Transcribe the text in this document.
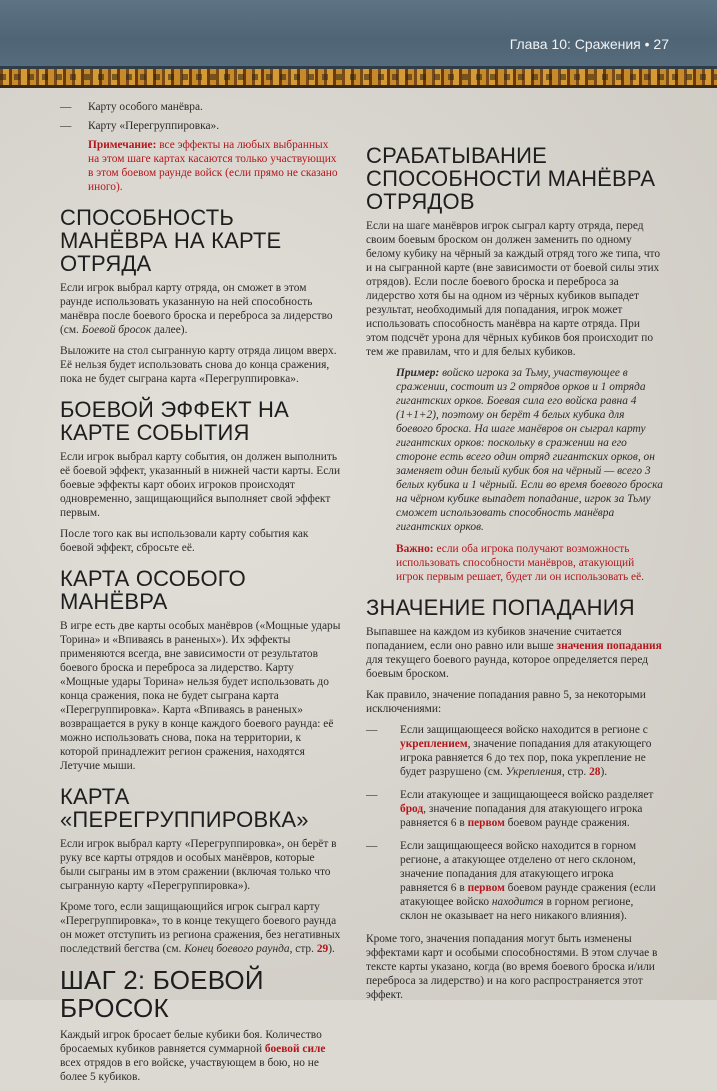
Глава 10: Сражения • 27
—	Карту особого манёвра.
—	Карту «Перегруппировка».

Примечание: все эффекты на любых выбранных на этом шаге картах касаются только участвующих в этом боевом раунде войск (если прямо не сказано иного).

СПОСОБНОСТЬ МАНЁВРА НА КАРТЕ ОТРЯДА

Если игрок выбрал карту отряда, он сможет в этом раунде использовать указанную на ней способность манёвра после боевого броска и переброса за лидерство (см. Боевой бросок далее).

Выложите на стол сыгранную карту отряда лицом вверх. Её нельзя будет использовать снова до конца сражения, пока не будет сыграна карта «Перегруппировка».

БОЕВОЙ ЭФФЕКТ НА КАРТЕ СОБЫТИЯ

Если игрок выбрал карту события, он должен выполнить её боевой эффект, указанный в нижней части карты. Если боевые эффекты карт обоих игроков происходят одновременно, защищающийся выполняет свой эффект первым.

После того как вы использовали карту события как боевой эффект, сбросьте её.

КАРТА ОСОБОГО МАНЁВРА

В игре есть две карты особых манёвров («Мощные удары Торина» и «Впиваясь в раненых»). Их эффекты применяются всегда, вне зависимости от результатов боевого броска и переброса за лидерство. Карту «Мощные удары Торина» нельзя будет использовать до конца сражения, пока не будет сыграна карта «Перегруппировка». Карта «Впиваясь в раненых» возвращается в руку в конце каждого боевого раунда: её можно использовать снова, пока на территории, к которой принадлежит регион сражения, находятся Летучие мыши.

КАРТА «ПЕРЕГРУППИРОВКА»

Если игрок выбрал карту «Перегруппировка», он берёт в руку все карты отрядов и особых манёвров, которые были сыграны им в этом сражении (включая только что сыгранную карту «Перегруппировка»).

Кроме того, если защищающийся игрок сыграл карту «Перегруппировка», то в конце текущего боевого раунда он может отступить из региона сражения, без негативных последствий бегства (см. Конец боевого раунда, стр. 29).

ШАГ 2: БОЕВОЙ БРОСОК

Каждый игрок бросает белые кубики боя. Количество бросаемых кубиков равняется суммарной боевой силе всех отрядов в его войске, участвующем в бою, но не более 5 кубиков.

СРАБАТЫВАНИЕ СПОСОБНОСТИ МАНЁВРА ОТРЯДОВ

Если на шаге манёвров игрок сыграл карту отряда, перед своим боевым броском он должен заменить по одному белому кубику на чёрный за каждый отряд того же типа, что и на сыгранной карте (вне зависимости от боевой силы этих отрядов). Если после боевого броска и переброса за лидерство хотя бы на одном из чёрных кубиков выпадет результат, необходимый для попадания, игрок может использовать способность манёвра на карте отряда. При этом подсчёт урона для чёрных кубиков боя происходит по тем же правилам, что и для белых кубиков.

Пример: войско игрока за Тьму, участвующее в сражении, состоит из 2 отрядов орков и 1 отряда гигантских орков. Боевая сила его войска равна 4 (1+1+2), поэтому он берёт 4 белых кубика для боевого броска. На шаге манёвров он сыграл карту гигантских орков: поскольку в сражении на его стороне есть всего один отряд гигантских орков, он заменяет один белый кубик боя на чёрный — всего 3 белых кубика и 1 чёрный. Если во время боевого броска на чёрном кубике выпадет попадание, игрок за Тьму сможет использовать способность манёвра гигантских орков.

Важно: если оба игрока получают возможность использовать способности манёвров, атакующий игрок первым решает, будет ли он использовать её.

ЗНАЧЕНИЕ ПОПАДАНИЯ

Выпавшее на каждом из кубиков значение считается попаданием, если оно равно или выше значения попадания для текущего боевого раунда, которое определяется перед боевым броском.

Как правило, значение попадания равно 5, за некоторыми исключениями:

—	Если защищающееся войско находится в регионе с укреплением, значение попадания для атакующего игрока равняется 6 до тех пор, пока укрепление не будет разрушено (см. Укрепления, стр. 28).
—	Если атакующее и защищающееся войско разделяет брод, значение попадания для атакующего игрока равняется 6 в первом боевом раунде сражения.
—	Если защищающееся войско находится в горном регионе, а атакующее отделено от него склоном, значение попадания для атакующего игрока равняется 6 в первом боевом раунде сражения (если атакующее войско находится в горном регионе, склон не оказывает на него никакого влияния).

Кроме того, значения попадания могут быть изменены эффектами карт и особыми способностями. В этом случае в тексте карты указано, когда (во время боевого броска и/или переброса за лидерство) и на кого распространяется этот эффект.
